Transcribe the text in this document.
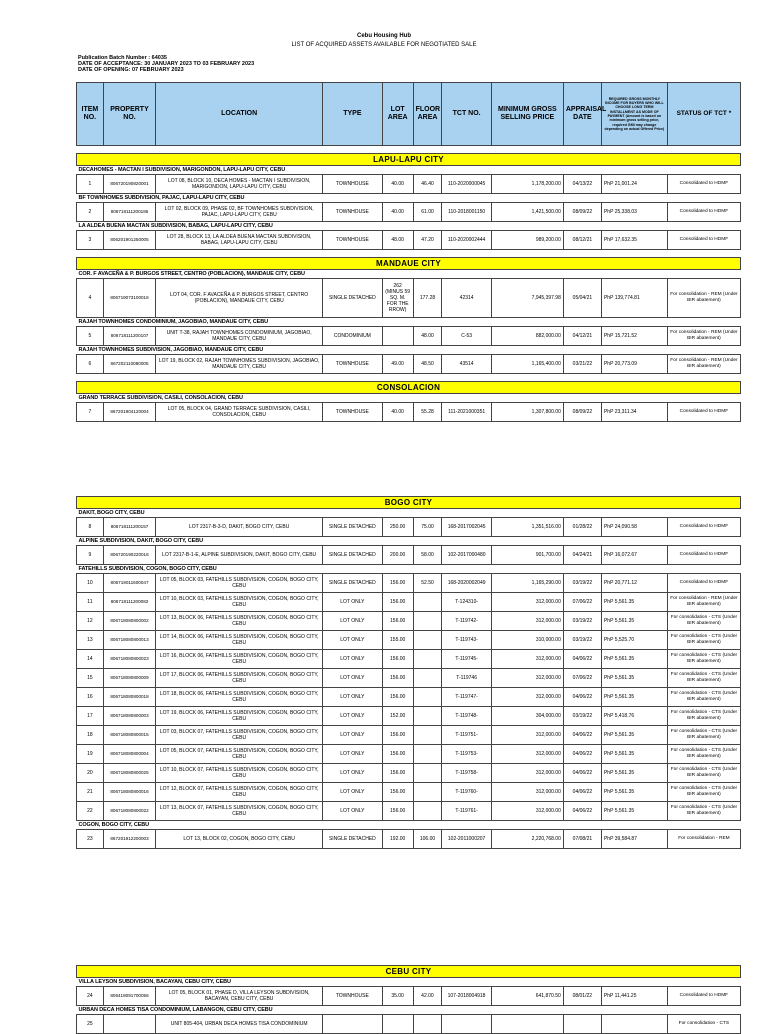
Cebu Housing Hub
LIST OF ACQUIRED ASSETS AVAILABLE FOR NEGOTIATED SALE
Publication Batch Number : 64035
DATE OF ACCEPTANCE: 30 JANUARY 2023 TO 03 FEBRUARY 2023
DATE OF OPENING: 07 FEBRUARY 2023
ITEM NO.	PROPERTY NO.	LOCATION	TYPE	LOT AREA	FLOOR AREA	TCT NO.	MINIMUM GROSS SELLING PRICE	APPRAISAL DATE	REQUIRED GROSS MONTHLY INCOME FOR BUYERS WHO WILL CHOOSE LONG TERM INSTALLMENT AS MODE OF PAYMENT (Amount is based on minimum gross selling price, required GMI may change depending on actual Offered Price)	STATUS OF TCT *

LAPU-LAPU CITY										
DECAHOMES - MACTAN I SUBDIVISION, MARIGONDON, LAPU-LAPU CITY, CEBU										
1	806720190820001	LOT 08, BLOCK 10, DECA HOMES - MACTAN I SUBDIVISION, MARIGONDON, LAPU-LAPU CITY, CEBU	TOWNHOUSE	40.00	46.40	110-2020000045	1,178,200.00	04/13/22	PhP 21,001.24	Consolidated to HDMF
BF TOWNHOMES SUBDIVISION, PAJAC, LAPU-LAPU CITY, CEBU										
2	806718111200185	LOT 02, BLOCK 09, PHASE 02, BF TOWNHOMES SUBDIVISION, PAJAC, LAPU-LAPU CITY, CEBU	TOWNHOUSE	40.00	61.00	110-2018001150	1,421,500.00	08/09/22	PhP 25,338.03	Consolidated to HDMF
LA ALDEA BUENA MACTAN SUBDIVISION, BABAG, LAPU-LAPU CITY, CEBU										
3	806201901250005	LOT 28, BLOCK 13, LA ALDEA BUENA MACTAN SUBDIVISION, BABAG, LAPU-LAPU CITY, CEBU	TOWNHOUSE	48.00	47.20	110-2020002444	989,200.00	08/12/21	PhP 17,632.35	Consolidated to HDMF

MANDAUE CITY										
COR. F AVACEÑA & P. BURGOS STREET, CENTRO (POBLACION), MANDAUE CITY, CEBU										
4	806719073100016	LOT 04, COR. F AVACEÑA & P. BURGOS STREET, CENTRO (POBLACION), MANDAUE CITY, CEBU	SINGLE DETACHED	262 (MINUS 59 SQ. M. FOR THE RROW)	177.28	42314	7,945,397.98	05/04/21	PhP 139,774.81	For consolidation - REM (Under BIR abatement)
RAJAH TOWNHOMES CONDOMINIUM, JAGOBIAO, MANDAUE CITY, CEBU										
5	806718111200107	UNIT T-38, RAJAH TOWNHOMES CONDOMINIUM, JAGOBIAO, MANDAUE CITY, CEBU	CONDOMINIUM		48.00	C-53	882,000.00	04/12/21	PhP 15,721.52	For consolidation - REM (Under BIR abatement)
RAJAH TOWNHOMES SUBDIVISION, JAGOBIAO, MANDAUE CITY, CEBU										
6	867202110080005	LOT 19, BLOCK 02, RAJAH TOWNHOMES SUBDIVISION, JAGOBIAO, MANDAUE CITY, CEBU	TOWNHOUSE	49.00	48.50	43514	1,165,400.00	03/21/22	PhP 20,773.09	For consolidation - REM (Under BIR abatement)

CONSOLACION										
GRAND TERRACE SUBDIVISION, CASILI, CONSOLACION, CEBU										
7	867201904120004	LOT 05, BLOCK 04, GRAND TERRACE SUBDIVISION, CASILI, CONSOLACION, CEBU	TOWNHOUSE	40.00	55.28	111-2021000351	1,307,800.00	08/09/22	PhP 23,311.34	Consolidated to HDMF
BOGO CITY										
DAKIT, BOGO CITY, CEBU										
8	806718111200157	LOT 2317-B-3-D, DAKIT, BOGO CITY, CEBU	SINGLE DETACHED	250.00	75.00	168-2017002045	1,351,516.00	01/28/22	PhP 24,090.58	Consolidated to HDMF
ALPINE SUBDIVISION, DAKIT, BOGO CITY, CEBU										
9	806720190220016	LOT 2317-B-1-E, ALPINE SUBDIVISION, DAKIT, BOGO CITY, CEBU	SINGLE DETACHED	200.00	58.00	102-2017000480	901,700.00	04/24/21	PhP 16,072.67	Consolidated to HDMF
FATEHILLS SUBDIVISION, COGON, BOGO CITY, CEBU										
10	806719011600047	LOT 05, BLOCK 03, FATEHILLS SUBDIVISION, COGON, BOGO CITY, CEBU	SINGLE DETACHED	156.00	52.50	168-2020002049	1,165,290.00	03/19/22	PhP 20,771.12	Consolidated to HDMF
11	806718111200082	LOT 10, BLOCK 03, FATEHILLS SUBDIVISION, COGON, BOGO CITY, CEBU	LOT ONLY	156.00		T-124310-	312,000.00	07/06/22	PhP 5,561.35	For consolidation - REM (Under BIR abatement)
12	806718080800002	LOT 13, BLOCK 06, FATEHILLS SUBDIVISION, COGON, BOGO CITY, CEBU	LOT ONLY	156.00		T-119742-	312,000.00	03/19/22	PhP 5,561.35	For consolidation - CTS (Under BIR abatement)
13	806718080800013	LOT 14, BLOCK 06, FATEHILLS SUBDIVISION, COGON, BOGO CITY, CEBU	LOT ONLY	155.00		T-119743-	310,000.00	03/19/22	PhP 5,525.70	For consolidation - CTS (Under BIR abatement)
14	806718080800023	LOT 16, BLOCK 06, FATEHILLS SUBDIVISION, COGON, BOGO CITY, CEBU	LOT ONLY	156.00		T-119745-	312,000.00	04/06/22	PhP 5,561.35	For consolidation - CTS (Under BIR abatement)
15	806718080800009	LOT 17, BLOCK 06, FATEHILLS SUBDIVISION, COGON, BOGO CITY, CEBU	LOT ONLY	156.00		T-119746	312,000.00	07/06/22	PhP 5,561.35	For consolidation - CTS (Under BIR abatement)
16	806718080800018	LOT 18, BLOCK 06, FATEHILLS SUBDIVISION, COGON, BOGO CITY, CEBU	LOT ONLY	156.00		T-119747-	312,000.00	04/06/22	PhP 5,561.35	For consolidation - CTS (Under BIR abatement)
17	806718080800003	LOT 19, BLOCK 06, FATEHILLS SUBDIVISION, COGON, BOGO CITY, CEBU	LOT ONLY	152.00		T-119748-	304,000.00	03/19/22	PhP 5,418.76	For consolidation - CTS (Under BIR abatement)
18	806718080800015	LOT 03, BLOCK 07, FATEHILLS SUBDIVISION, COGON, BOGO CITY, CEBU	LOT ONLY	156.00		T-119751-	312,000.00	04/06/22	PhP 5,561.35	For consolidation - CTS (Under BIR abatement)
19	806718080800004	LOT 05, BLOCK 07, FATEHILLS SUBDIVISION, COGON, BOGO CITY, CEBU	LOT ONLY	156.00		T-119753-	312,000.00	04/06/22	PhP 5,561.35	For consolidation - CTS (Under BIR abatement)
20	806718080800025	LOT 10, BLOCK 07, FATEHILLS SUBDIVISION, COGON, BOGO CITY, CEBU	LOT ONLY	156.00		T-119758-	312,000.00	04/06/22	PhP 5,561.35	For consolidation - CTS (Under BIR abatement)
21	806718080800016	LOT 12, BLOCK 07, FATEHILLS SUBDIVISION, COGON, BOGO CITY, CEBU	LOT ONLY	156.00		T-119760-	312,000.00	04/06/22	PhP 5,561.35	For consolidation - CTS (Under BIR abatement)
22	806718080800022	LOT 13, BLOCK 07, FATEHILLS SUBDIVISION, COGON, BOGO CITY, CEBU	LOT ONLY	156.00		T-119761-	312,000.00	04/06/22	PhP 5,561.35	For consolidation - CTS (Under BIR abatement)
COGON, BOGO CITY, CEBU										
23	867201912200003	LOT 13, BLOCK 02, COGON, BOGO CITY, CEBU	SINGLE DETACHED	192.00	106.00	102-2011000207	2,220,768.00	07/08/21	PhP 39,584.87	For consolidation - REM
CEBU CITY										
VILLA LEYSON SUBDIVISION, BACAYAN, CEBU CITY, CEBU										
24	806418091700056	LOT 05, BLOCK 01, PHASE D, VILLA LEYSON SUBDIVISION, BACAYAN, CEBU CITY, CEBU	TOWNHOUSE	35.00	42.00	107-2018004918	641,870.50	08/01/22	PhP 11,441.25	Consolidated to HDMF
URBAN DECA HOMES TISA CONDOMINIUM, LABANGON, CEBU CITY, CEBU										
25		UNIT 805-404, URBAN DECA HOMES TISA CONDOMINIUM								For consolidation - CTS
